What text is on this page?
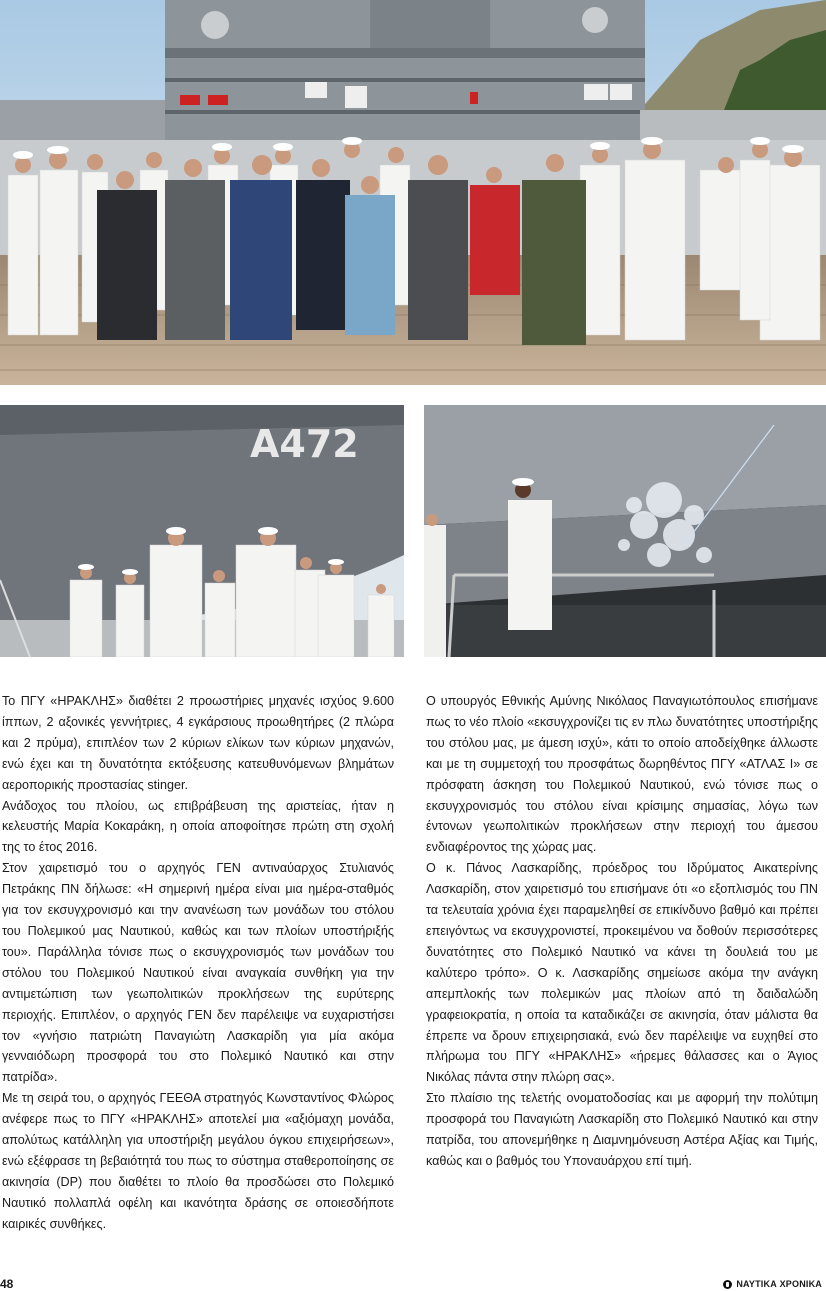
A472

Το ΠΓΥ «ΗΡΑΚΛΗΣ» διαθέτει 2 προωστήριες μηχανές ισχύος 9.600 ίππων, 2 αξονικές γεννήτριες, 4 εγκάρσιους προωθητήρες (2 πλώρα και 2 πρύμα), επιπλέον των 2 κύριων ελίκων των κύριων μηχανών, ενώ έχει και τη δυνατότητα εκτόξευσης κατευθυνόμενων βλημάτων αεροπορικής προστασίας stinger.

Ανάδοχος του πλοίου, ως επιβράβευση της αριστείας, ήταν η κελευστής Μαρία Κοκαράκη, η οποία αποφοίτησε πρώτη στη σχολή της το έτος 2016.

Στον χαιρετισμό του ο αρχηγός ΓΕΝ αντιναύαρχος Στυλιανός Πετράκης ΠΝ δήλωσε: «Η σημερινή ημέρα είναι μια ημέρα-σταθμός για τον εκσυγχρονισμό και την ανανέωση των μονάδων του στόλου του Πολεμικού μας Ναυτικού, καθώς και των πλοίων υποστήριξής του». Παράλληλα τόνισε πως ο εκσυγχρονισμός των μονάδων του στόλου του Πολεμικού Ναυτικού είναι αναγκαία συνθήκη για την αντιμετώπιση των γεωπολιτικών προκλήσεων της ευρύτερης περιοχής. Επιπλέον, ο αρχηγός ΓΕΝ δεν παρέλειψε να ευχαριστήσει τον «γνήσιο πατριώτη Παναγιώτη Λασκαρίδη για μία ακόμα γενναιόδωρη προσφορά του στο Πολεμικό Ναυτικό και στην πατρίδα».

Με τη σειρά του, ο αρχηγός ΓΕΕΘΑ στρατηγός Κωνσταντίνος Φλώρος ανέφερε πως το ΠΓΥ «ΗΡΑΚΛΗΣ» αποτελεί μια «αξιόμαχη μονάδα, απολύτως κατάλληλη για υποστήριξη μεγάλου όγκου επιχειρήσεων», ενώ εξέφρασε τη βεβαιότητά του πως το σύστημα σταθεροποίησης σε ακινησία (DP) που διαθέτει το πλοίο θα προσδώσει στο Πολεμικό Ναυτικό πολλαπλά οφέλη και ικανότητα δράσης σε οποιεσδήποτε καιρικές συνθήκες.

Ο υπουργός Εθνικής Αμύνης Νικόλαος Παναγιωτόπουλος επισήμανε πως το νέο πλοίο «εκσυγχρονίζει τις εν πλω δυνατότητες υποστήριξης του στόλου μας, με άμεση ισχύ», κάτι το οποίο αποδείχθηκε άλλωστε και με τη συμμετοχή του προσφάτως δωρηθέντος ΠΓΥ «ΑΤΛΑΣ Ι» σε πρόσφατη άσκηση του Πολεμικού Ναυτικού, ενώ τόνισε πως ο εκσυγχρονισμός του στόλου είναι κρίσιμης σημασίας, λόγω των έντονων γεωπολιτικών προκλήσεων στην περιοχή του άμεσου ενδιαφέροντος της χώρας μας.

Ο κ. Πάνος Λασκαρίδης, πρόεδρος του Ιδρύματος Αικατερίνης Λασκαρίδη, στον χαιρετισμό του επισήμανε ότι «ο εξοπλισμός του ΠΝ τα τελευταία χρόνια έχει παραμεληθεί σε επικίνδυνο βαθμό και πρέπει επειγόντως να εκσυγχρονιστεί, προκειμένου να δοθούν περισσότερες δυνατότητες στο Πολεμικό Ναυτικό να κάνει τη δουλειά του με καλύτερο τρόπο». Ο κ. Λασκαρίδης σημείωσε ακόμα την ανάγκη απεμπλοκής των πολεμικών μας πλοίων από τη δαιδαλώδη γραφειοκρατία, η οποία τα καταδικάζει σε ακινησία, όταν μάλιστα θα έπρεπε να δρουν επιχειρησιακά, ενώ δεν παρέλειψε να ευχηθεί στο πλήρωμα του ΠΓΥ «ΗΡΑΚΛΗΣ» «ήρεμες θάλασσες και ο Άγιος Νικόλας πάντα στην πλώρη σας».

Στο πλαίσιο της τελετής ονοματοδοσίας και με αφορμή την πολύτιμη προσφορά του Παναγιώτη Λασκαρίδη στο Πολεμικό Ναυτικό και στην πατρίδα, του απονεμήθηκε η Διαμνημόνευση Αστέρα Αξίας και Τιμής, καθώς και ο βαθμός του Υποναυάρχου επί τιμή.

48	ΝΑΥΤΙΚΑ ΧΡΟΝΙΚΑ
